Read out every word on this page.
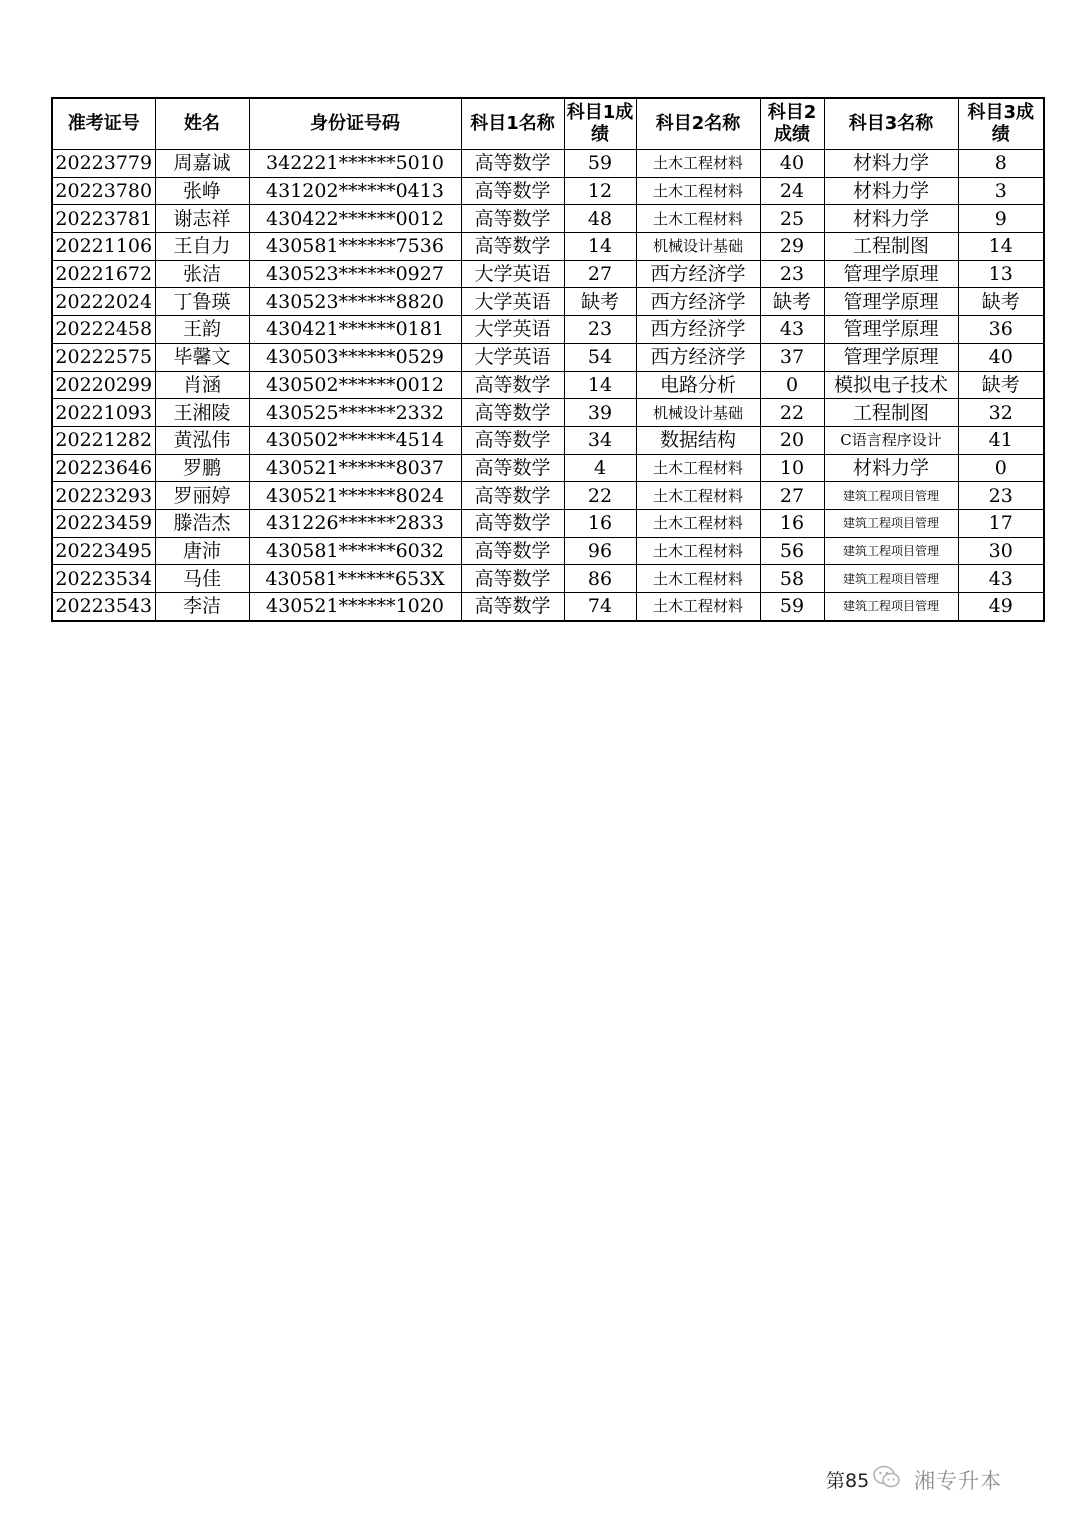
准考证号	姓名	身份证号码	科目1名称	科目1成绩	科目2名称	科目2成绩	科目3名称	科目3成绩
20223779	周嘉诚	342221******5010	高等数学	59	土木工程材料	40	材料力学	8
20223780	张峥	431202******0413	高等数学	12	土木工程材料	24	材料力学	3
20223781	谢志祥	430422******0012	高等数学	48	土木工程材料	25	材料力学	9
20221106	王自力	430581******7536	高等数学	14	机械设计基础	29	工程制图	14
20221672	张洁	430523******0927	大学英语	27	西方经济学	23	管理学原理	13
20222024	丁鲁瑛	430523******8820	大学英语	缺考	西方经济学	缺考	管理学原理	缺考
20222458	王韵	430421******0181	大学英语	23	西方经济学	43	管理学原理	36
20222575	毕馨文	430503******0529	大学英语	54	西方经济学	37	管理学原理	40
20220299	肖涵	430502******0012	高等数学	14	电路分析	0	模拟电子技术	缺考
20221093	王湘陵	430525******2332	高等数学	39	机械设计基础	22	工程制图	32
20221282	黄泓伟	430502******4514	高等数学	34	数据结构	20	C语言程序设计	41
20223646	罗鹏	430521******8037	高等数学	4	土木工程材料	10	材料力学	0
20223293	罗丽婷	430521******8024	高等数学	22	土木工程材料	27	建筑工程项目管理	23
20223459	滕浩杰	431226******2833	高等数学	16	土木工程材料	16	建筑工程项目管理	17
20223495	唐沛	430581******6032	高等数学	96	土木工程材料	56	建筑工程项目管理	30
20223534	马佳	430581******653X	高等数学	86	土木工程材料	58	建筑工程项目管理	43
20223543	李洁	430521******1020	高等数学	74	土木工程材料	59	建筑工程项目管理	49
第85 湘专升本
